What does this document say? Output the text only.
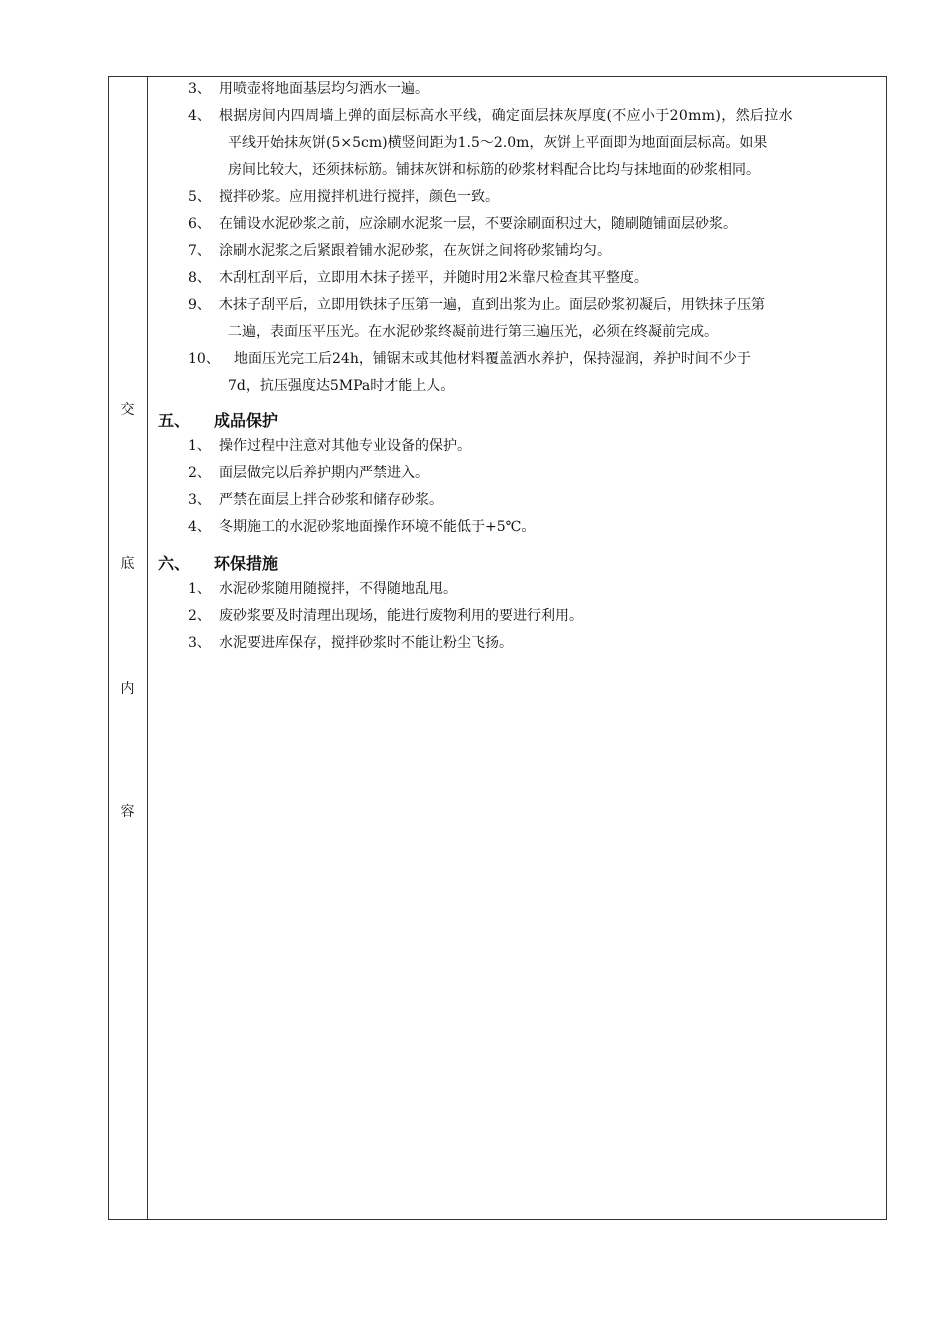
交
底
内
容
3、 用喷壶将地面基层均匀洒水一遍。
4、 根据房间内四周墙上弹的面层标高水平线，确定面层抹灰厚度(不应小于20mm)，然后拉水
平线开始抹灰饼(5×5cm)横竖间距为1.5～2.0m，灰饼上平面即为地面面层标高。如果
房间比较大，还须抹标筋。铺抹灰饼和标筋的砂浆材料配合比均与抹地面的砂浆相同。
5、 搅拌砂浆。应用搅拌机进行搅拌，颜色一致。
6、 在铺设水泥砂浆之前，应涂刷水泥浆一层，不要涂刷面积过大，随刷随铺面层砂浆。
7、 涂刷水泥浆之后紧跟着铺水泥砂浆，在灰饼之间将砂浆铺均匀。
8、 木刮杠刮平后，立即用木抹子搓平，并随时用2米靠尺检查其平整度。
9、 木抹子刮平后，立即用铁抹子压第一遍，直到出浆为止。面层砂浆初凝后，用铁抹子压第
二遍，表面压平压光。在水泥砂浆终凝前进行第三遍压光，必须在终凝前完成。
10、 地面压光完工后24h，铺锯末或其他材料覆盖洒水养护，保持湿润，养护时间不少于
7d，抗压强度达5MPa时才能上人。
五、 成品保护
1、 操作过程中注意对其他专业设备的保护。
2、 面层做完以后养护期内严禁进入。
3、 严禁在面层上拌合砂浆和储存砂浆。
4、 冬期施工的水泥砂浆地面操作环境不能低于+5℃。
六、 环保措施
1、 水泥砂浆随用随搅拌，不得随地乱甩。
2、 废砂浆要及时清理出现场，能进行废物利用的要进行利用。
3、 水泥要进库保存，搅拌砂浆时不能让粉尘飞扬。
